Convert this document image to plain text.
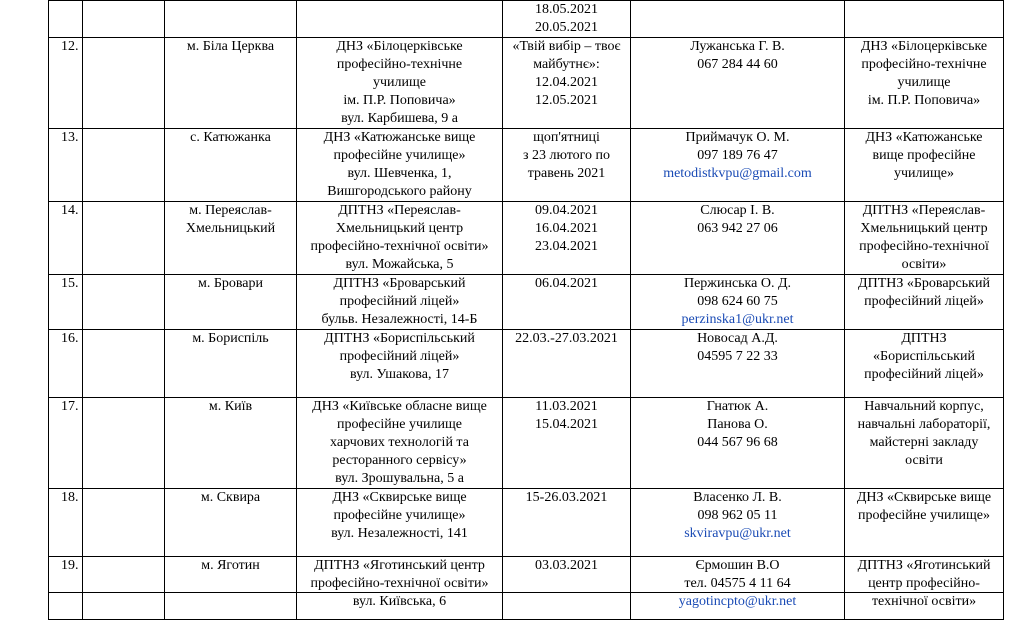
				18.05.2021
20.05.2021		

12.		м. Біла Церква	ДНЗ «Білоцерківське
професійно-технічне
училище
ім. П.Р. Поповича»
вул. Карбишева, 9 а	«Твій вибір – твоє
майбутнє»:
12.04.2021
12.05.2021	Лужанська Г. В.
067 284 44 60	ДНЗ «Білоцерківське
професійно-технічне
училище
ім. П.Р. Поповича»

13.		с. Катюжанка	ДНЗ «Катюжанське вище
професійне училище»
вул. Шевченка, 1,
Вишгородського району	щоп'ятниці
з 23 лютого по
травень 2021	Приймачук О. М.
097 189 76 47
metodistkvpu@gmail.com	ДНЗ «Катюжанське
вище професійне
училище»

14.		м. Переяслав-
Хмельницький	ДПТНЗ «Переяслав-
Хмельницький центр
професійно-технічної освіти»
вул. Можайська, 5	09.04.2021
16.04.2021
23.04.2021	Слюсар І. В.
063 942 27 06	ДПТНЗ «Переяслав-
Хмельницький центр
професійно-технічної
освіти»

15.		м. Бровари	ДПТНЗ «Броварський
професійний ліцей»
бульв. Незалежності, 14-Б	06.04.2021	Пержинська О. Д.
098 624 60 75
perzinska1@ukr.net	ДПТНЗ «Броварський
професійний ліцей»

16.		м. Бориспіль	ДПТНЗ «Бориспільський
професійний ліцей»
вул. Ушакова, 17	22.03.-27.03.2021	Новосад А.Д.
04595 7 22 33	ДПТНЗ
«Бориспільський
професійний ліцей»

17.		м. Київ	ДНЗ «Київське обласне вище
професійне училище
харчових технологій та
ресторанного сервісу»
вул. Зрошувальна, 5 а	11.03.2021
15.04.2021	Гнатюк А.
Панова О.
044 567 96 68	Навчальний корпус,
навчальні лабораторії,
майстерні закладу
освіти

18.		м. Сквира	ДНЗ «Сквирське вище
професійне училище»
вул. Незалежності, 141	15-26.03.2021	Власенко Л. В.
098 962 05 11
skviravpu@ukr.net	ДНЗ «Сквирське вище
професійне училище»

19.		м. Яготин	ДПТНЗ «Яготинський центр
професійно-технічної освіти»
вул. Київська, 6	03.03.2021	Єрмошин В.О
тел. 04575 4 11 64
yagotincpto@ukr.net	ДПТНЗ «Яготинський
центр професійно-
технічної освіти»
